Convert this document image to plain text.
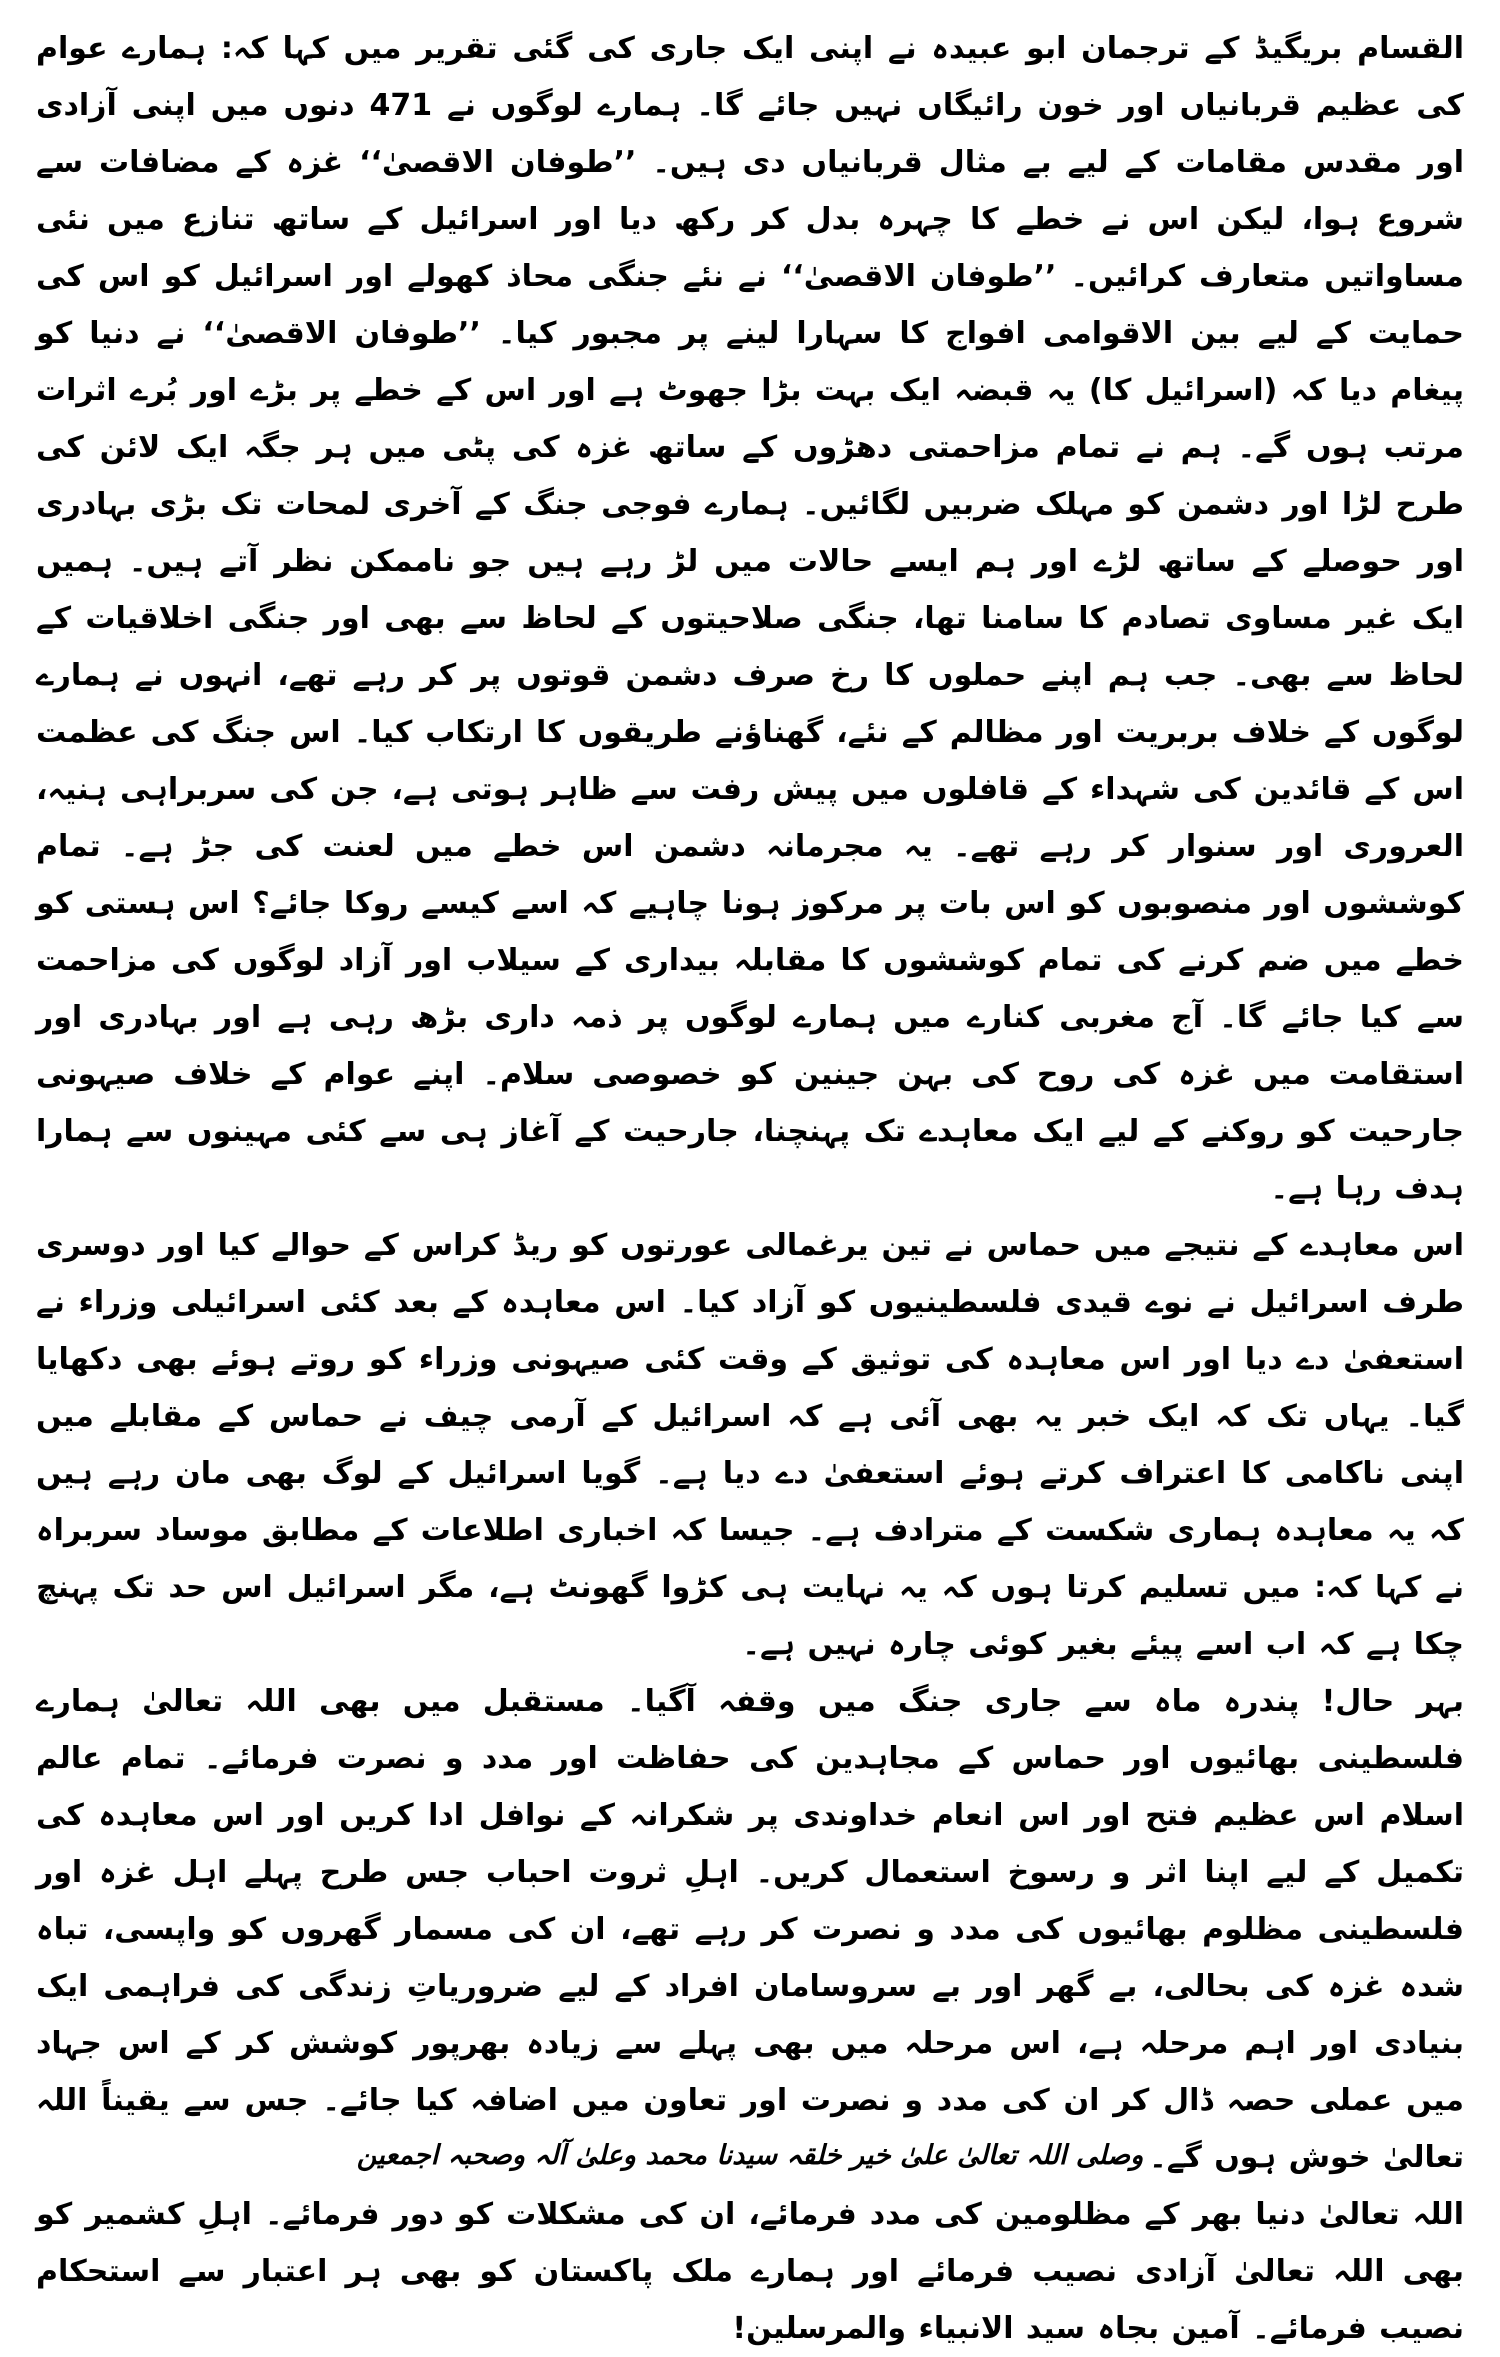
القسام بریگیڈ کے ترجمان ابو عبیدہ نے اپنی ایک جاری کی گئی تقریر میں کہا کہ: ہمارے عوام کی عظیم قربانیاں اور خون رائیگاں نہیں جائے گا۔ ہمارے لوگوں نے 471 دنوں میں اپنی آزادی اور مقدس مقامات کے لیے بے مثال قربانیاں دی ہیں۔ ’’طوفان الاقصیٰ‘‘ غزہ کے مضافات سے شروع ہوا، لیکن اس نے خطے کا چہرہ بدل کر رکھ دیا اور اسرائیل کے ساتھ تنازع میں نئی مساواتیں متعارف کرائیں۔ ’’طوفان الاقصیٰ‘‘ نے نئے جنگی محاذ کھولے اور اسرائیل کو اس کی حمایت کے لیے بین الاقوامی افواج کا سہارا لینے پر مجبور کیا۔ ’’طوفان الاقصیٰ‘‘ نے دنیا کو پیغام دیا کہ (اسرائیل کا) یہ قبضہ ایک بہت بڑا جھوٹ ہے اور اس کے خطے پر بڑے اور بُرے اثرات مرتب ہوں گے۔ ہم نے تمام مزاحمتی دھڑوں کے ساتھ غزہ کی پٹی میں ہر جگہ ایک لائن کی طرح لڑا اور دشمن کو مہلک ضربیں لگائیں۔ ہمارے فوجی جنگ کے آخری لمحات تک بڑی بہادری اور حوصلے کے ساتھ لڑے اور ہم ایسے حالات میں لڑ رہے ہیں جو ناممکن نظر آتے ہیں۔ ہمیں ایک غیر مساوی تصادم کا سامنا تھا، جنگی صلاحیتوں کے لحاظ سے بھی اور جنگی اخلاقیات کے لحاظ سے بھی۔ جب ہم اپنے حملوں کا رخ صرف دشمن قوتوں پر کر رہے تھے، انہوں نے ہمارے لوگوں کے خلاف بربریت اور مظالم کے نئے، گھناؤنے طریقوں کا ارتکاب کیا۔ اس جنگ کی عظمت اس کے قائدین کی شہداء کے قافلوں میں پیش رفت سے ظاہر ہوتی ہے، جن کی سربراہی ہنیہ، العروری اور سنوار کر رہے تھے۔ یہ مجرمانہ دشمن اس خطے میں لعنت کی جڑ ہے۔ تمام کوششوں اور منصوبوں کو اس بات پر مرکوز ہونا چاہیے کہ اسے کیسے روکا جائے؟ اس ہستی کو خطے میں ضم کرنے کی تمام کوششوں کا مقابلہ بیداری کے سیلاب اور آزاد لوگوں کی مزاحمت سے کیا جائے گا۔ آج مغربی کنارے میں ہمارے لوگوں پر ذمہ داری بڑھ رہی ہے اور بہادری اور استقامت میں غزہ کی روح کی بہن جینین کو خصوصی سلام۔ اپنے عوام کے خلاف صیہونی جارحیت کو روکنے کے لیے ایک معاہدے تک پہنچنا، جارحیت کے آغاز ہی سے کئی مہینوں سے ہمارا ہدف رہا ہے۔

اس معاہدے کے نتیجے میں حماس نے تین یرغمالی عورتوں کو ریڈ کراس کے حوالے کیا اور دوسری طرف اسرائیل نے نوے قیدی فلسطینیوں کو آزاد کیا۔ اس معاہدہ کے بعد کئی اسرائیلی وزراء نے استعفیٰ دے دیا اور اس معاہدہ کی توثیق کے وقت کئی صیہونی وزراء کو روتے ہوئے بھی دکھایا گیا۔ یہاں تک کہ ایک خبر یہ بھی آئی ہے کہ اسرائیل کے آرمی چیف نے حماس کے مقابلے میں اپنی ناکامی کا اعتراف کرتے ہوئے استعفیٰ دے دیا ہے۔ گویا اسرائیل کے لوگ بھی مان رہے ہیں کہ یہ معاہدہ ہماری شکست کے مترادف ہے۔ جیسا کہ اخباری اطلاعات کے مطابق موساد سربراہ نے کہا کہ: میں تسلیم کرتا ہوں کہ یہ نہایت ہی کڑوا گھونٹ ہے، مگر اسرائیل اس حد تک پہنچ چکا ہے کہ اب اسے پیئے بغیر کوئی چارہ نہیں ہے۔

بہر حال! پندرہ ماہ سے جاری جنگ میں وقفہ آگیا۔ مستقبل میں بھی اللہ تعالیٰ ہمارے فلسطینی بھائیوں اور حماس کے مجاہدین کی حفاظت اور مدد و نصرت فرمائے۔ تمام عالم اسلام اس عظیم فتح اور اس انعام خداوندی پر شکرانہ کے نوافل ادا کریں اور اس معاہدہ کی تکمیل کے لیے اپنا اثر و رسوخ استعمال کریں۔ اہلِ ثروت احباب جس طرح پہلے اہل غزہ اور فلسطینی مظلوم بھائیوں کی مدد و نصرت کر رہے تھے، ان کی مسمار گھروں کو واپسی، تباہ شدہ غزہ کی بحالی، بے گھر اور بے سروسامان افراد کے لیے ضروریاتِ زندگی کی فراہمی ایک بنیادی اور اہم مرحلہ ہے، اس مرحلہ میں بھی پہلے سے زیادہ بھرپور کوشش کر کے اس جہاد میں عملی حصہ ڈال کر ان کی مدد و نصرت اور تعاون میں اضافہ کیا جائے۔ جس سے یقیناً اللہ تعالیٰ خوش ہوں گے۔

اللہ تعالیٰ دنیا بھر کے مظلومین کی مدد فرمائے، ان کی مشکلات کو دور فرمائے۔ اہلِ کشمیر کو بھی اللہ تعالیٰ آزادی نصیب فرمائے اور ہمارے ملک پاکستان کو بھی ہر اعتبار سے استحکام نصیب فرمائے۔ آمین بجاہ سید الانبیاء والمرسلین!

وصلی اللہ تعالیٰ علیٰ خیر خلقہ سیدنا محمد وعلیٰ آلہ وصحبہ اجمعین
